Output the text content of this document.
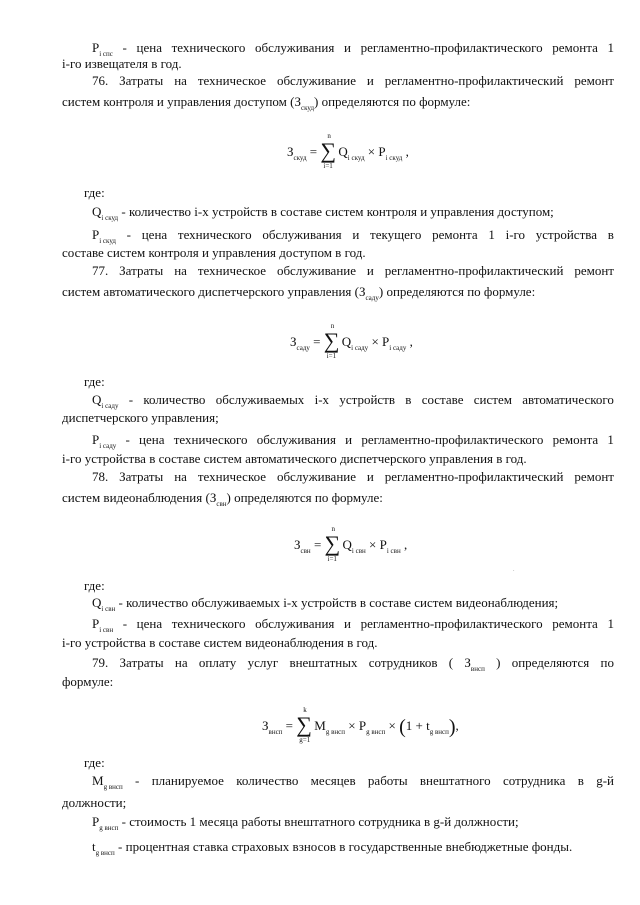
$P_{i спс}$ - цена технического обслуживания и регламентно-профилактического ремонта 1
i-го извещателя в год.
76. Затраты на техническое обслуживание и регламентно-профилактический ремонт
систем контроля и управления доступом $(З_{скуд})$ определяются по формуле:
где:
$Q_{i скуд}$ - количество i-х устройств в составе систем контроля и управления доступом;
$P_{i скуд}$ - цена технического обслуживания и текущего ремонта 1 i-го устройства в
составе систем контроля и управления доступом в год.
77. Затраты на техническое обслуживание и регламентно-профилактический ремонт
систем автоматического диспетчерского управления $(З_{садy})$ определяются по формуле:
где:
$Q_{i саду}$ - количество обслуживаемых i-х устройств в составе систем автоматического
диспетчерского управления;
$P_{i саду}$ - цена технического обслуживания и регламентно-профилактического ремонта 1
i-го устройства в составе систем автоматического диспетчерского управления в год.
78. Затраты на техническое обслуживание и регламентно-профилактический ремонт
систем видеонаблюдения $(З_{свн})$ определяются по формуле:
где:
$Q_{i свн}$ - количество обслуживаемых i-х устройств в составе систем видеонаблюдения;
$P_{i свн}$ - цена технического обслуживания и регламентно-профилактического ремонта 1
i-го устройства в составе систем видеонаблюдения в год.
79. Затраты на оплату услуг внештатных сотрудников ( $З_{внсп}$ ) определяются по
формуле:
где:
$M_{g внсп}$ - планируемое количество месяцев работы внештатного сотрудника в g-й
должности;
$P_{g внсп}$ - стоимость 1 месяца работы внештатного сотрудника в g-й должности;
$t_{g внсп}$ - процентная ставка страховых взносов в государственные внебюджетные фонды.
$З_{скуд}$ = ∑
n
i=1
$Q_{i скуд} \times P_{i скуд}$ ,
$З_{саду}$ = ∑
n
i=1
$Q_{i саду} \times P_{i саду}$ ,
$З_{свн}$ = ∑
n
i=1
$Q_{i свн} \times P_{i свн}$ ,
$З_{внсп}$ = ∑
k
g=1
$M_{g внсп} \times P_{g внсп} \times (1 + t_{g внсп})$,
.
